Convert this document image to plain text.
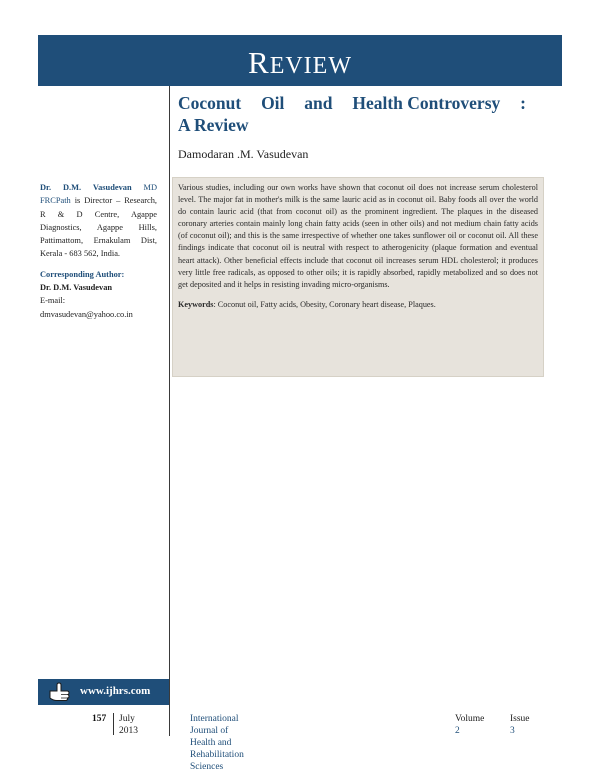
REVIEW
Coconut Oil and Health Controversy :
A Review
Damodaran .M. Vasudevan
Dr. D.M. Vasudevan MD FRCPath is Director – Research, R & D Centre, Agappe Diagnostics, Agappe Hills, Pattimattom, Ernakulam Dist, Kerala - 683 562, India.
Corresponding Author:
Dr. D.M. Vasudevan
E-mail:
dmvasudevan@yahoo.co.in
Various studies, including our own works have shown that coconut oil does not increase serum cholesterol level. The major fat in mother's milk is the same lauric acid as in coconut oil. Baby foods all over the world do contain lauric acid (that from coconut oil) as the prominent ingredient. The plaques in the diseased coronary arteries contain mainly long chain fatty acids (seen in other oils) and not medium chain fatty acids (of coconut oil); and this is the same irrespective of whether one takes sunflower oil or coconut oil. All these findings indicate that coconut oil is neutral with respect to atherogenicity (plaque formation and eventual heart attack). Other beneficial effects include that coconut oil increases serum HDL cholesterol; it produces very little free radicals, as opposed to other oils; it is rapidly absorbed, rapidly metabolized and so does not get deposited and it helps in resisting invading micro-organisms.
Keywords: Coconut oil, Fatty acids, Obesity, Coronary heart disease, Plaques.
www.ijhrs.com
157 July 2013
International Journal of Health and Rehabilitation Sciences
Volume 2
Issue 3
